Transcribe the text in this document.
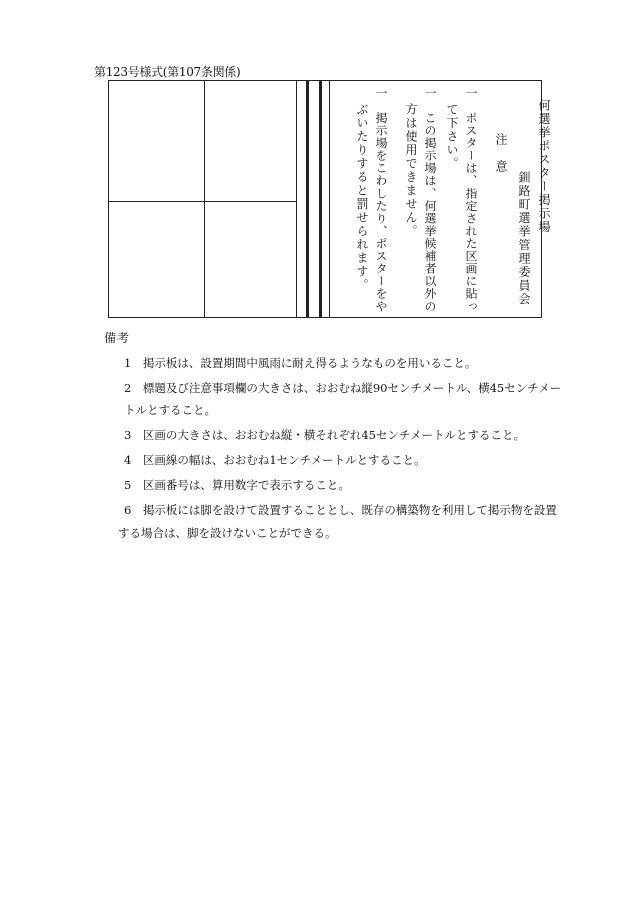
第123号様式(第107条関係)
何選挙ポスター掲示場
釧路町選挙管理委員会
注　意
一　ポスターは、指定された区画に貼っ
て下さい。
一　この掲示場は、何選挙候補者以外の
方は使用できません。
一　掲示場をこわしたり、ポスターをや
ぶいたりすると罰せられます。
備考
1　掲示板は、設置期間中風雨に耐え得るようなものを用いること。
2　標題及び注意事項欄の大きさは、おおむね縦90センチメートル、横45センチメー
トルとすること。
3　区画の大きさは、おおむね縦・横それぞれ45センチメートルとすること。
4　区画線の幅は、おおむね1センチメートルとすること。
5　区画番号は、算用数字で表示すること。
6　掲示板には脚を設けて設置することとし、既存の構築物を利用して掲示物を設置
する場合は、脚を設けないことができる。
